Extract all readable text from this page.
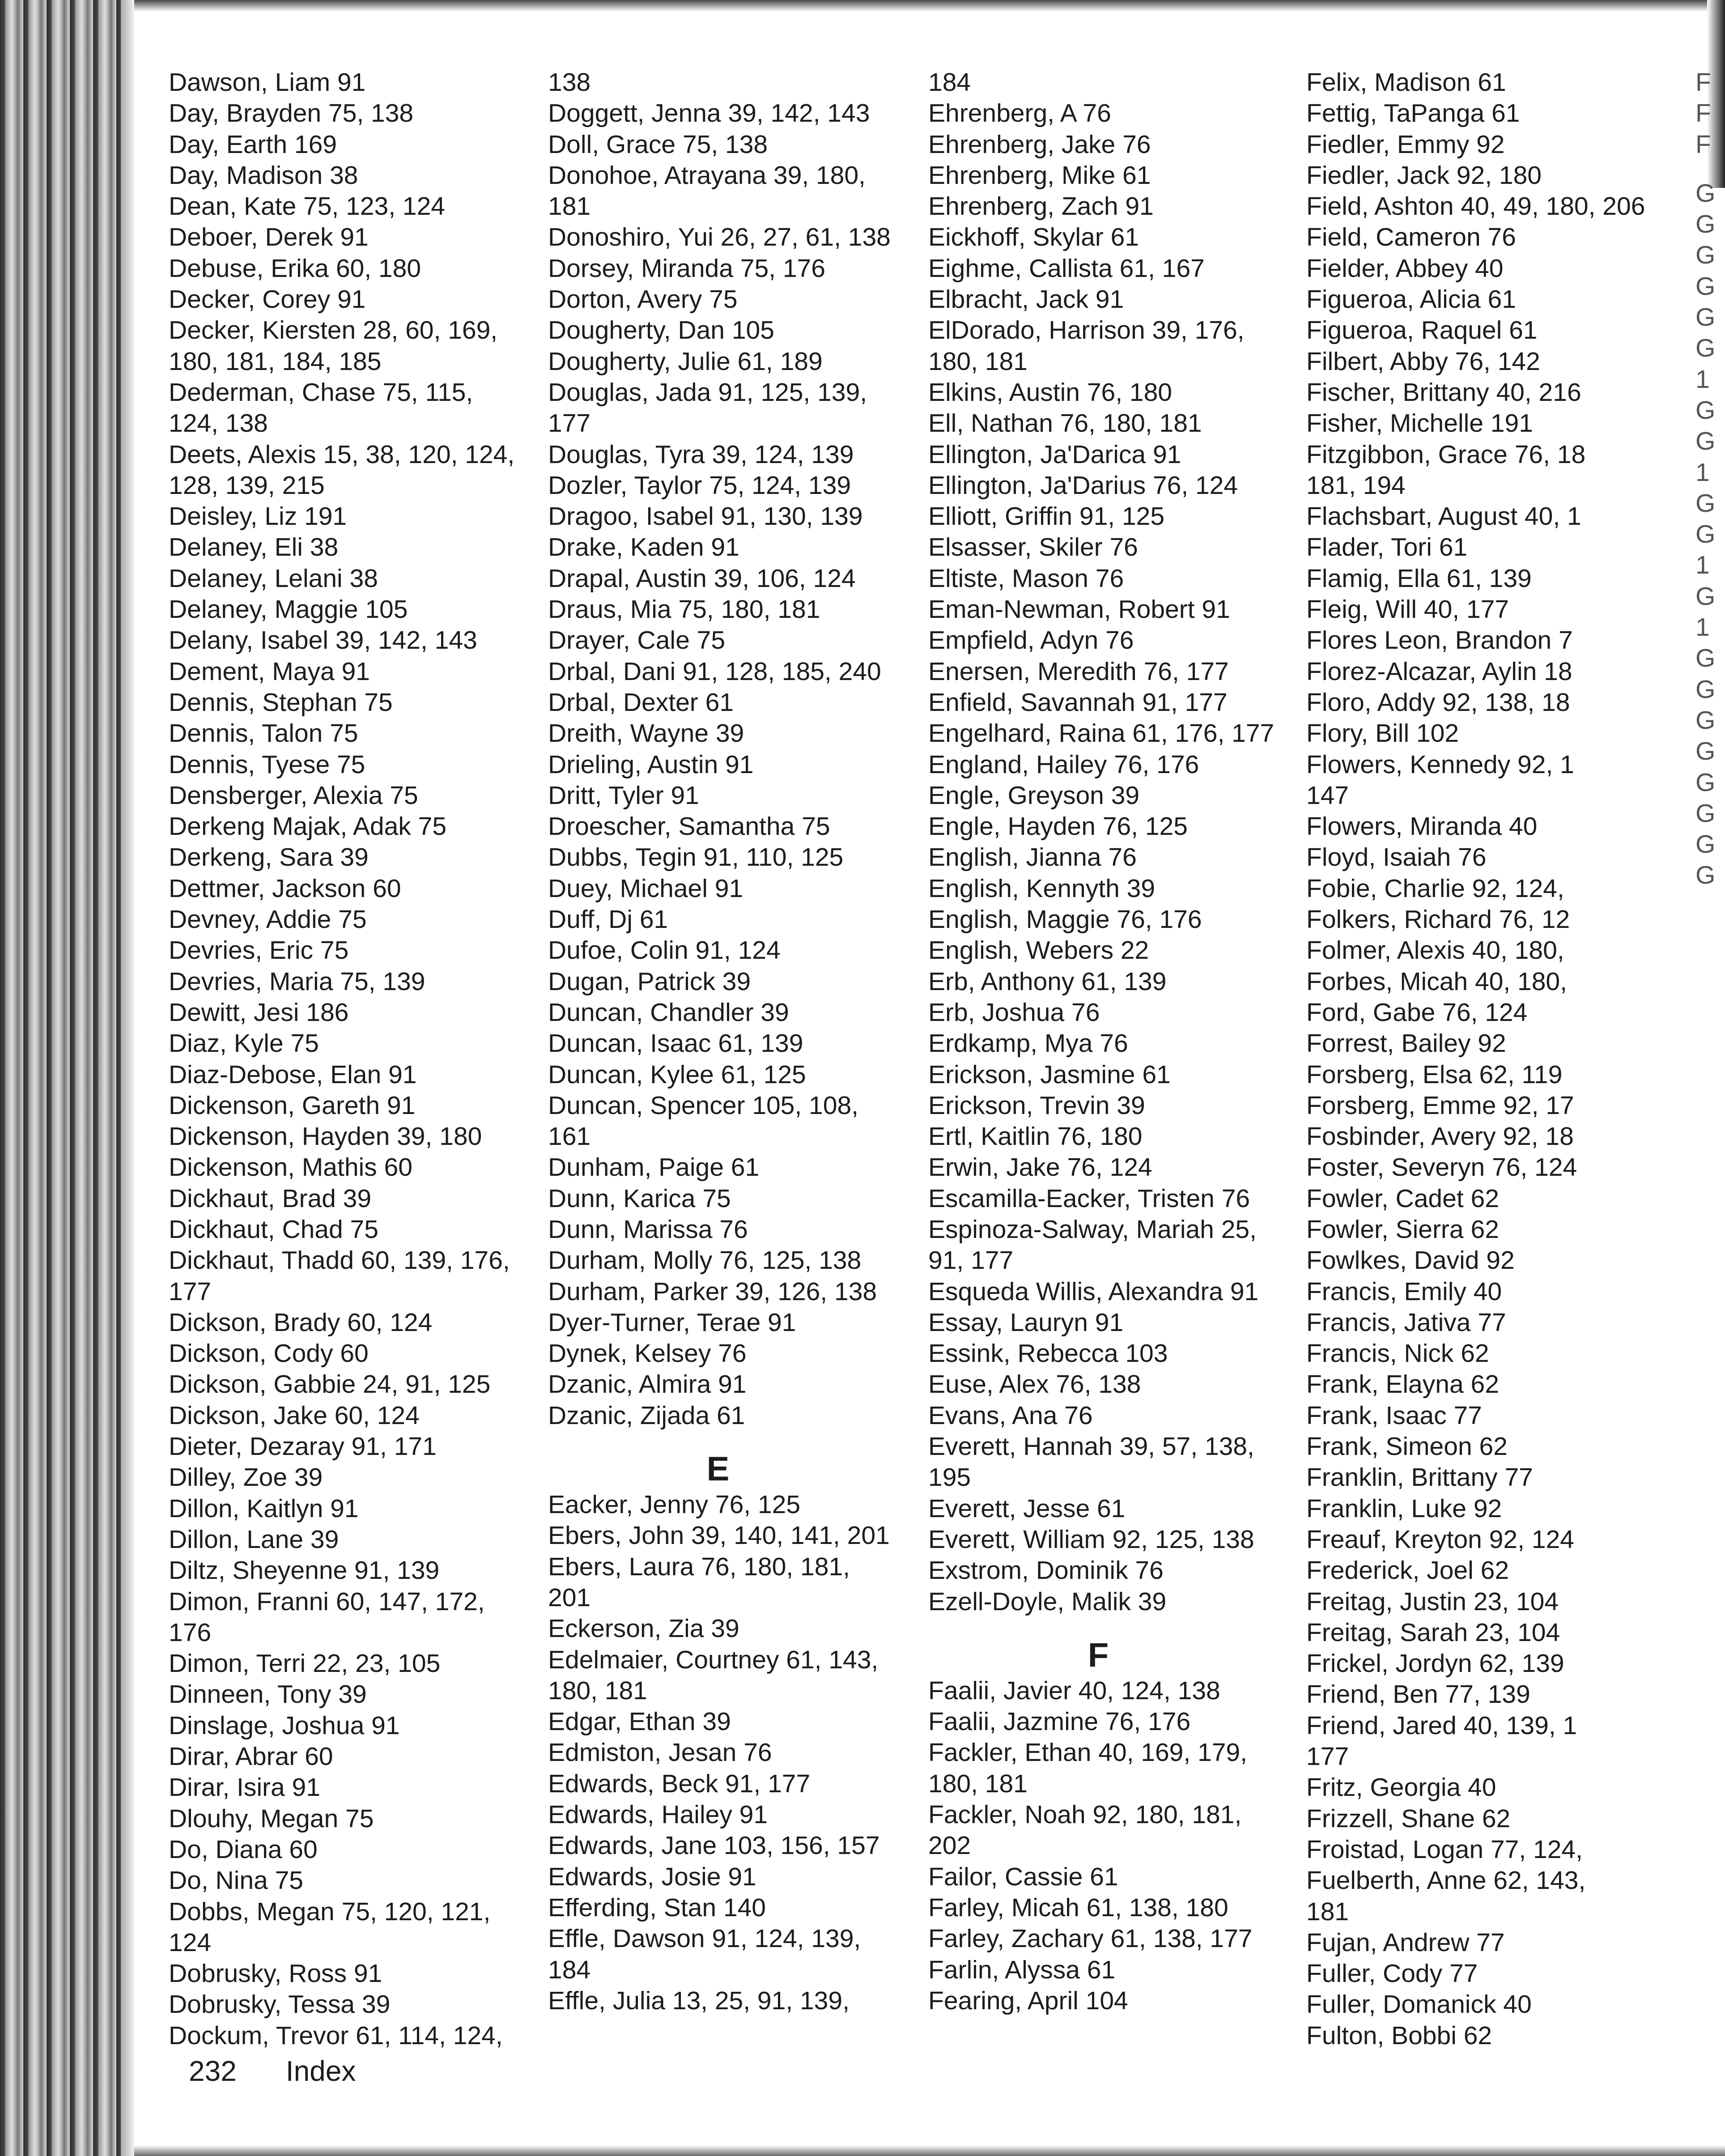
Dawson, Liam 91
Day, Brayden 75, 138
Day, Earth 169
Day, Madison 38
Dean, Kate 75, 123, 124
Deboer, Derek 91
Debuse, Erika 60, 180
Decker, Corey 91
Decker, Kiersten 28, 60, 169,
180, 181, 184, 185
Dederman, Chase 75, 115,
124, 138
Deets, Alexis 15, 38, 120, 124,
128, 139, 215
Deisley, Liz 191
Delaney, Eli 38
Delaney, Lelani 38
Delaney, Maggie 105
Delany, Isabel 39, 142, 143
Dement, Maya 91
Dennis, Stephan 75
Dennis, Talon 75
Dennis, Tyese 75
Densberger, Alexia 75
Derkeng Majak, Adak 75
Derkeng, Sara 39
Dettmer, Jackson 60
Devney, Addie 75
Devries, Eric 75
Devries, Maria 75, 139
Dewitt, Jesi 186
Diaz, Kyle 75
Diaz-Debose, Elan 91
Dickenson, Gareth 91
Dickenson, Hayden 39, 180
Dickenson, Mathis 60
Dickhaut, Brad 39
Dickhaut, Chad 75
Dickhaut, Thadd 60, 139, 176,
177
Dickson, Brady 60, 124
Dickson, Cody 60
Dickson, Gabbie 24, 91, 125
Dickson, Jake 60, 124
Dieter, Dezaray 91, 171
Dilley, Zoe 39
Dillon, Kaitlyn 91
Dillon, Lane 39
Diltz, Sheyenne 91, 139
Dimon, Franni 60, 147, 172,
176
Dimon, Terri 22, 23, 105
Dinneen, Tony 39
Dinslage, Joshua 91
Dirar, Abrar 60
Dirar, Isira 91
Dlouhy, Megan 75
Do, Diana 60
Do, Nina 75
Dobbs, Megan 75, 120, 121,
124
Dobrusky, Ross 91
Dobrusky, Tessa 39
Dockum, Trevor 61, 114, 124,
138
Doggett, Jenna 39, 142, 143
Doll, Grace 75, 138
Donohoe, Atrayana 39, 180,
181
Donoshiro, Yui 26, 27, 61, 138
Dorsey, Miranda 75, 176
Dorton, Avery 75
Dougherty, Dan 105
Dougherty, Julie 61, 189
Douglas, Jada 91, 125, 139,
177
Douglas, Tyra 39, 124, 139
Dozler, Taylor 75, 124, 139
Dragoo, Isabel 91, 130, 139
Drake, Kaden 91
Drapal, Austin 39, 106, 124
Draus, Mia 75, 180, 181
Drayer, Cale 75
Drbal, Dani 91, 128, 185, 240
Drbal, Dexter 61
Dreith, Wayne 39
Drieling, Austin 91
Dritt, Tyler 91
Droescher, Samantha 75
Dubbs, Tegin 91, 110, 125
Duey, Michael 91
Duff, Dj 61
Dufoe, Colin 91, 124
Dugan, Patrick 39
Duncan, Chandler 39
Duncan, Isaac 61, 139
Duncan, Kylee 61, 125
Duncan, Spencer 105, 108,
161
Dunham, Paige 61
Dunn, Karica 75
Dunn, Marissa 76
Durham, Molly 76, 125, 138
Durham, Parker 39, 126, 138
Dyer-Turner, Terae 91
Dynek, Kelsey 76
Dzanic, Almira 91
Dzanic, Zijada 61
E
Eacker, Jenny 76, 125
Ebers, John 39, 140, 141, 201
Ebers, Laura 76, 180, 181,
201
Eckerson, Zia 39
Edelmaier, Courtney 61, 143,
180, 181
Edgar, Ethan 39
Edmiston, Jesan 76
Edwards, Beck 91, 177
Edwards, Hailey 91
Edwards, Jane 103, 156, 157
Edwards, Josie 91
Efferding, Stan 140
Effle, Dawson 91, 124, 139,
184
Effle, Julia 13, 25, 91, 139,
184
Ehrenberg, A 76
Ehrenberg, Jake 76
Ehrenberg, Mike 61
Ehrenberg, Zach 91
Eickhoff, Skylar 61
Eighme, Callista 61, 167
Elbracht, Jack 91
ElDorado, Harrison 39, 176,
180, 181
Elkins, Austin 76, 180
Ell, Nathan 76, 180, 181
Ellington, Ja'Darica 91
Ellington, Ja'Darius 76, 124
Elliott, Griffin 91, 125
Elsasser, Skiler 76
Eltiste, Mason 76
Eman-Newman, Robert 91
Empfield, Adyn 76
Enersen, Meredith 76, 177
Enfield, Savannah 91, 177
Engelhard, Raina 61, 176, 177
England, Hailey 76, 176
Engle, Greyson 39
Engle, Hayden 76, 125
English, Jianna 76
English, Kennyth 39
English, Maggie 76, 176
English, Webers 22
Erb, Anthony 61, 139
Erb, Joshua 76
Erdkamp, Mya 76
Erickson, Jasmine 61
Erickson, Trevin 39
Ertl, Kaitlin 76, 180
Erwin, Jake 76, 124
Escamilla-Eacker, Tristen 76
Espinoza-Salway, Mariah 25,
91, 177
Esqueda Willis, Alexandra 91
Essay, Lauryn 91
Essink, Rebecca 103
Euse, Alex 76, 138
Evans, Ana 76
Everett, Hannah 39, 57, 138,
195
Everett, Jesse 61
Everett, William 92, 125, 138
Exstrom, Dominik 76
Ezell-Doyle, Malik 39
F
Faalii, Javier 40, 124, 138
Faalii, Jazmine 76, 176
Fackler, Ethan 40, 169, 179,
180, 181
Fackler, Noah 92, 180, 181,
202
Failor, Cassie 61
Farley, Micah 61, 138, 180
Farley, Zachary 61, 138, 177
Farlin, Alyssa 61
Fearing, April 104
Felix, Madison 61
Fettig, TaPanga 61
Fiedler, Emmy 92
Fiedler, Jack 92, 180
Field, Ashton 40, 49, 180, 206
Field, Cameron 76
Fielder, Abbey 40
Figueroa, Alicia 61
Figueroa, Raquel 61
Filbert, Abby 76, 142
Fischer, Brittany 40, 216
Fisher, Michelle 191
Fitzgibbon, Grace 76, 18
181, 194
Flachsbart, August 40, 1
Flader, Tori 61
Flamig, Ella 61, 139
Fleig, Will 40, 177
Flores Leon, Brandon 7
Florez-Alcazar, Aylin 18
Floro, Addy 92, 138, 18
Flory, Bill 102
Flowers, Kennedy 92, 1
147
Flowers, Miranda 40
Floyd, Isaiah 76
Fobie, Charlie 92, 124,
Folkers, Richard 76, 12
Folmer, Alexis 40, 180,
Forbes, Micah 40, 180,
Ford, Gabe 76, 124
Forrest, Bailey 92
Forsberg, Elsa 62, 119
Forsberg, Emme 92, 17
Fosbinder, Avery 92, 18
Foster, Severyn 76, 124
Fowler, Cadet 62
Fowler, Sierra 62
Fowlkes, David 92
Francis, Emily 40
Francis, Jativa 77
Francis, Nick 62
Frank, Elayna 62
Frank, Isaac 77
Frank, Simeon 62
Franklin, Brittany 77
Franklin, Luke 92
Freauf, Kreyton 92, 124
Frederick, Joel 62
Freitag, Justin 23, 104
Freitag, Sarah 23, 104
Frickel, Jordyn 62, 139
Friend, Ben 77, 139
Friend, Jared 40, 139, 1
177
Fritz, Georgia 40
Frizzell, Shane 62
Froistad, Logan 77, 124,
Fuelberth, Anne 62, 143,
181
Fujan, Andrew 77
Fuller, Cody 77
Fuller, Domanick 40
Fulton, Bobbi 62
F
F
F
G
G
G
G
G
G
1
G
G
1
G
G
1
G
1
G
G
G
G
G
G
G
G
232 Index
